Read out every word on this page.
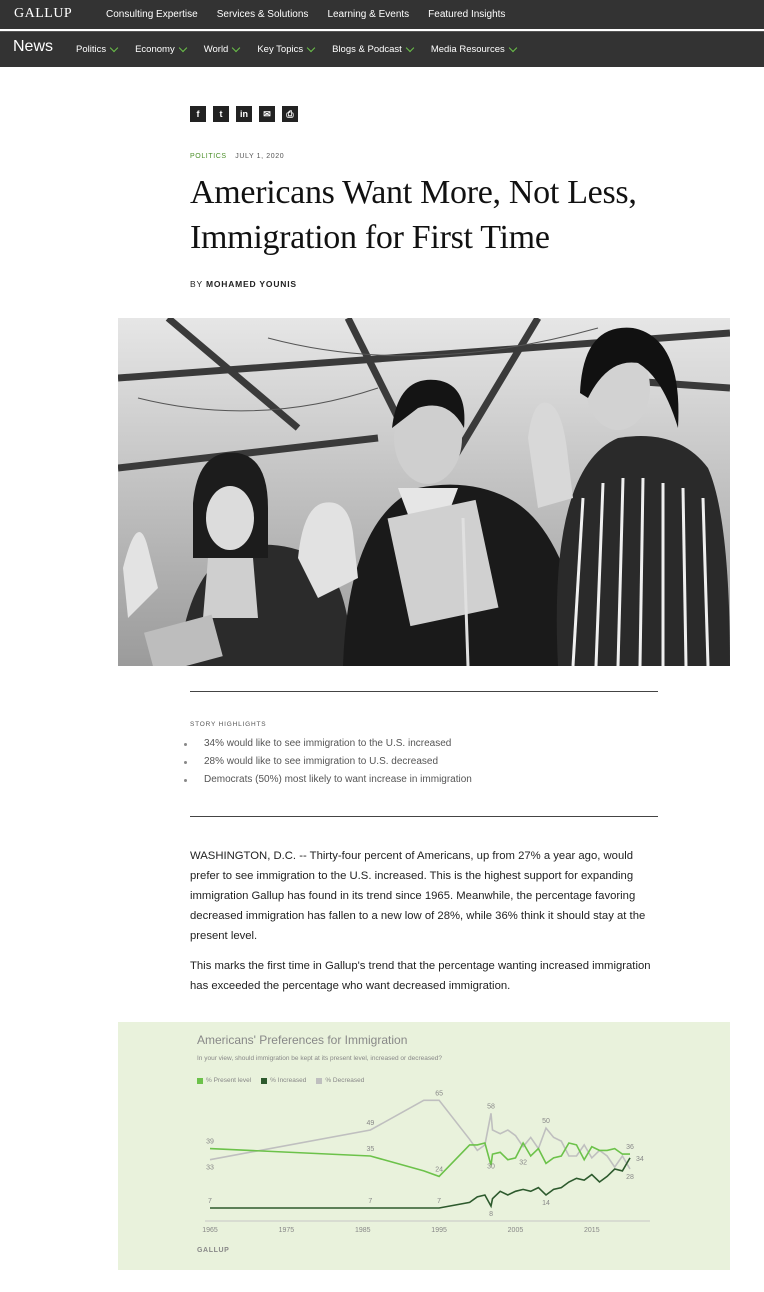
GALLUP	Consulting Expertise Services & Solutions Learning & Events Featured Insights
News Politics	Economy	World	Key Topics	Blogs & Podcast	Media Resources
f	t	in	✉	⎙
POLITICS JULY 1, 2020
Americans Want More, Not Less, Immigration for First Time
BY MOHAMED YOUNIS
STORY HIGHLIGHTS
34% would like to see immigration to the U.S. increased
28% would like to see immigration to U.S. decreased
Democrats (50%) most likely to want increase in immigration

WASHINGTON, D.C. -- Thirty-four percent of Americans, up from 27% a year ago, would prefer to see immigration to the U.S. increased. This is the highest support for expanding immigration Gallup has found in its trend since 1965. Meanwhile, the percentage favoring decreased immigration has fallen to a new low of 28%, while 36% think it should stay at the present level.

This marks the first time in Gallup's trend that the percentage wanting increased immigration has exceeded the percentage who want decreased immigration.

Americans' Preferences for Immigration
In your view, should immigration be kept at its present level, increased or decreased?
% Present level	% Increased	% Decreased
1965	1975	1985	1995	2005	2015
33
49
65
58
50
28
7	7	7
8
14
34
39
35
24
36
30
32
GALLUP
